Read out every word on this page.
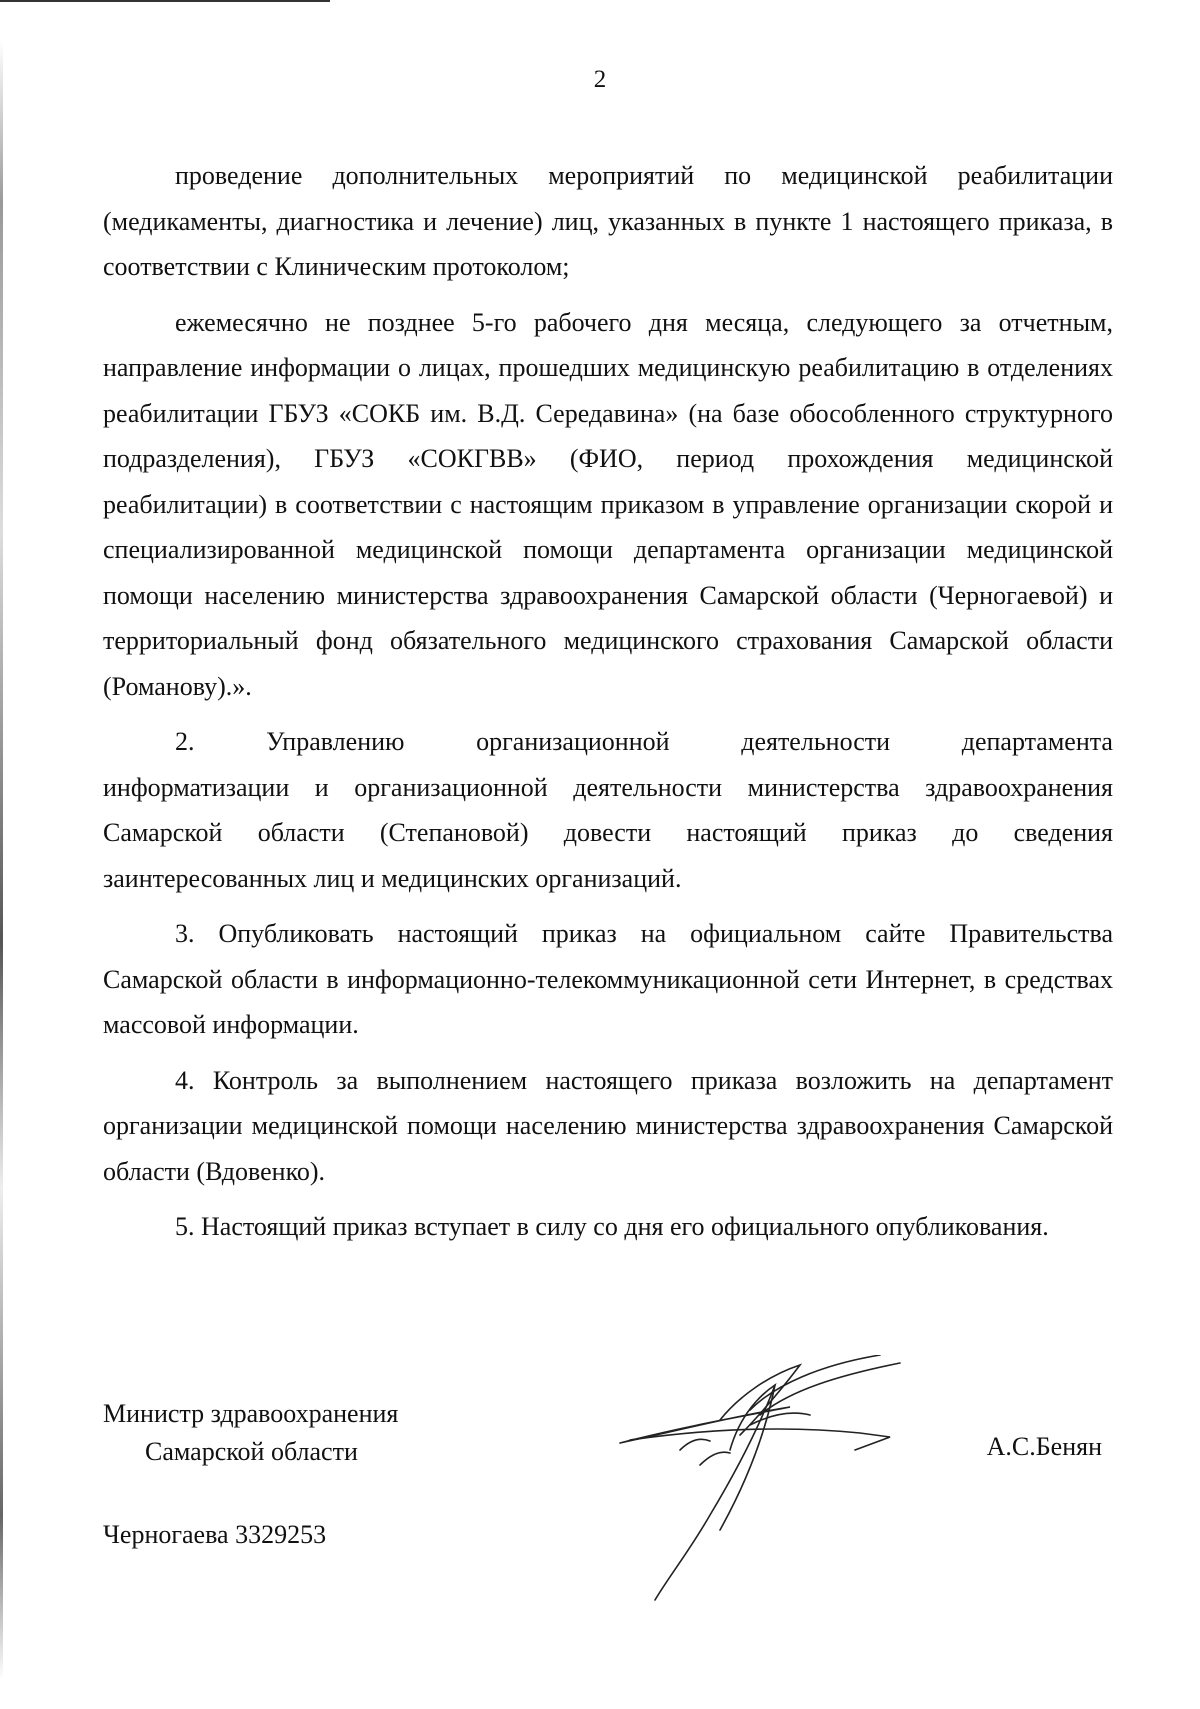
2

проведение дополнительных мероприятий по медицинской реабилитации (медикаменты, диагностика и лечение) лиц, указанных в пункте 1 настоящего приказа, в соответствии с Клиническим протоколом;

ежемесячно не позднее 5-го рабочего дня месяца, следующего за отчетным, направление информации о лицах, прошедших медицинскую реабилитацию в отделениях реабилитации ГБУЗ «СОКБ им. В.Д. Середавина» (на базе обособленного структурного подразделения), ГБУЗ «СОКГВВ» (ФИО, период прохождения медицинской реабилитации) в соответствии с настоящим приказом в управление организации скорой и специализированной медицинской помощи департамента организации медицинской помощи населению министерства здравоохранения Самарской области (Черногаевой) и территориальный фонд обязательного медицинского страхования Самарской области (Романову).».

2.	Управлению	организационной	деятельности	департамента

информатизации и организационной деятельности министерства здравоохранения Самарской области (Степановой) довести настоящий приказ до сведения заинтересованных лиц и медицинских организаций.

3. Опубликовать настоящий приказ на официальном сайте Правительства Самарской области в информационно-телекоммуникационной сети Интернет, в средствах массовой информации.

4. Контроль за выполнением настоящего приказа возложить на департамент организации медицинской помощи населению министерства здравоохранения Самарской области (Вдовенко).

5. Настоящий приказ вступает в силу со дня его официального опубликования.

Министр здравоохранения
Самарской области	А.С.Бенян
Черногаева 3329253
